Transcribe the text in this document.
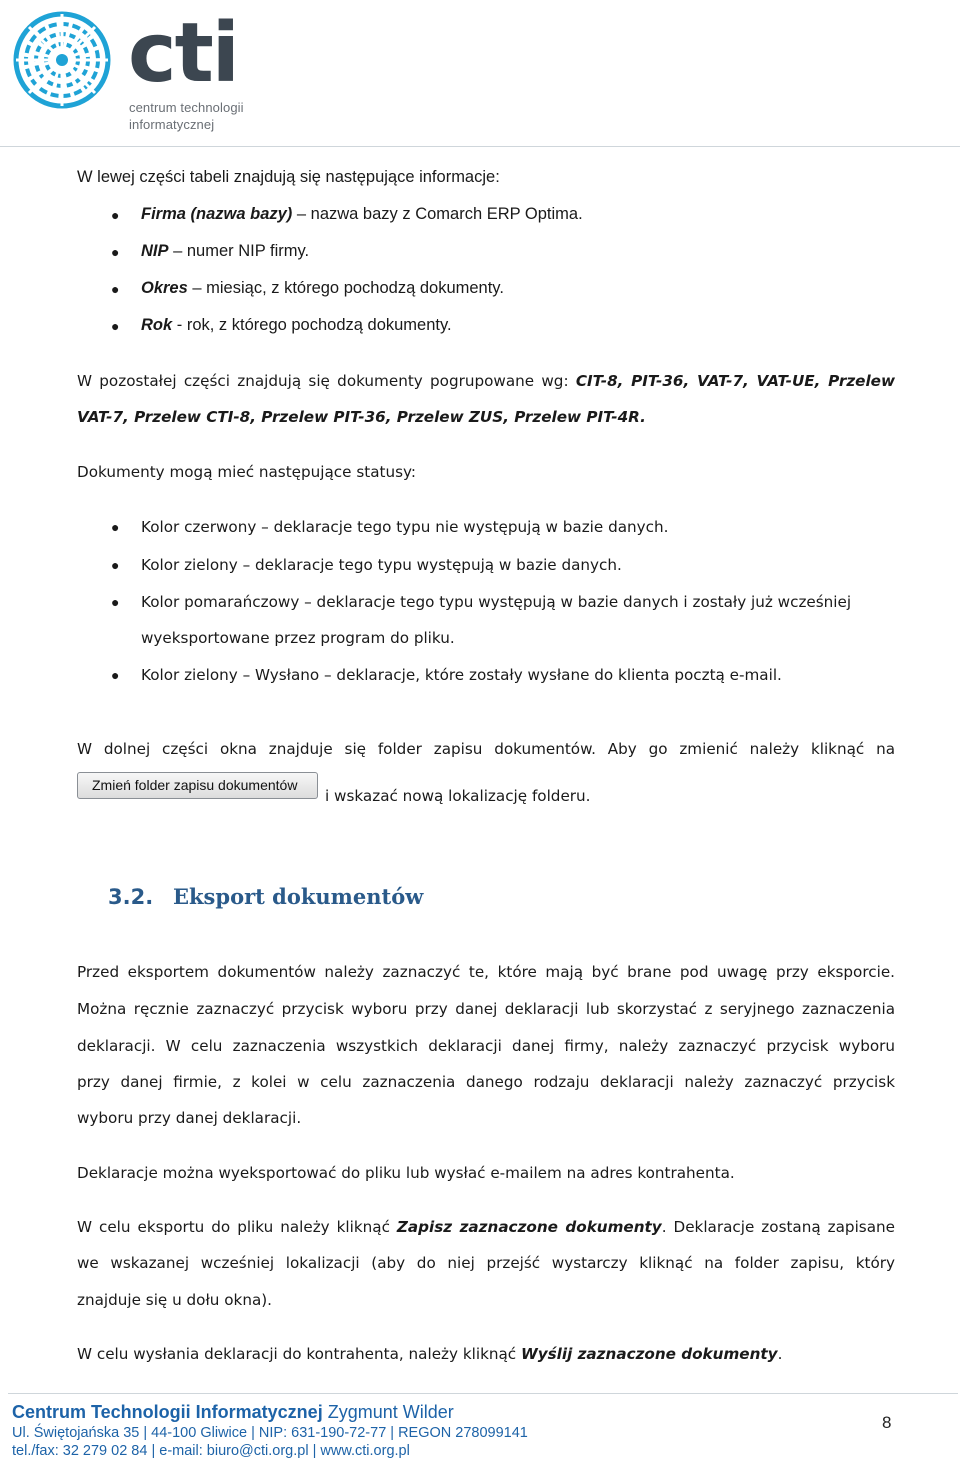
cti
centrum technologii
informatycznej
W lewej części tabeli znajdują się następujące informacje:
● Firma (nazwa bazy) – nazwa bazy z Comarch ERP Optima.
● NIP – numer NIP firmy.
● Okres – miesiąc, z którego pochodzą dokumenty.
● Rok - rok, z którego pochodzą dokumenty.
W pozostałej części znajdują się dokumenty pogrupowane wg: CIT-8, PIT-36, VAT-7, VAT-UE, Przelew
VAT-7, Przelew CTI-8, Przelew PIT-36, Przelew ZUS, Przelew PIT-4R.
Dokumenty mogą mieć następujące statusy:
● Kolor czerwony – deklaracje tego typu nie występują w bazie danych.
● Kolor zielony – deklaracje tego typu występują w bazie danych.
● Kolor pomarańczowy – deklaracje tego typu występują w bazie danych i zostały już wcześniej
wyeksportowane przez program do pliku.
● Kolor zielony – Wysłano – deklaracje, które zostały wysłane do klienta pocztą e-mail.
W dolnej części okna znajduje się folder zapisu dokumentów. Aby go zmienić należy kliknąć na
Zmień folder zapisu dokumentów
i wskazać nową lokalizację folderu.
3.2. Eksport dokumentów
Przed eksportem dokumentów należy zaznaczyć te, które mają być brane pod uwagę przy eksporcie.
Można ręcznie zaznaczyć przycisk wyboru przy danej deklaracji lub skorzystać z seryjnego zaznaczenia
deklaracji. W celu zaznaczenia wszystkich deklaracji danej firmy, należy zaznaczyć przycisk wyboru
przy danej firmie, z kolei w celu zaznaczenia danego rodzaju deklaracji należy zaznaczyć przycisk
wyboru przy danej deklaracji.
Deklaracje można wyeksportować do pliku lub wysłać e-mailem na adres kontrahenta.
W celu eksportu do pliku należy kliknąć Zapisz zaznaczone dokumenty. Deklaracje zostaną zapisane
we wskazanej wcześniej lokalizacji (aby do niej przejść wystarczy kliknąć na folder zapisu, który
znajduje się u dołu okna).
W celu wysłania deklaracji do kontrahenta, należy kliknąć Wyślij zaznaczone dokumenty.
Centrum Technologii Informatycznej Zygmunt Wilder
Ul. Świętojańska 35 | 44-100 Gliwice | NIP: 631-190-72-77 | REGON 278099141
tel./fax: 32 279 02 84 | e-mail: biuro@cti.org.pl | www.cti.org.pl
8
